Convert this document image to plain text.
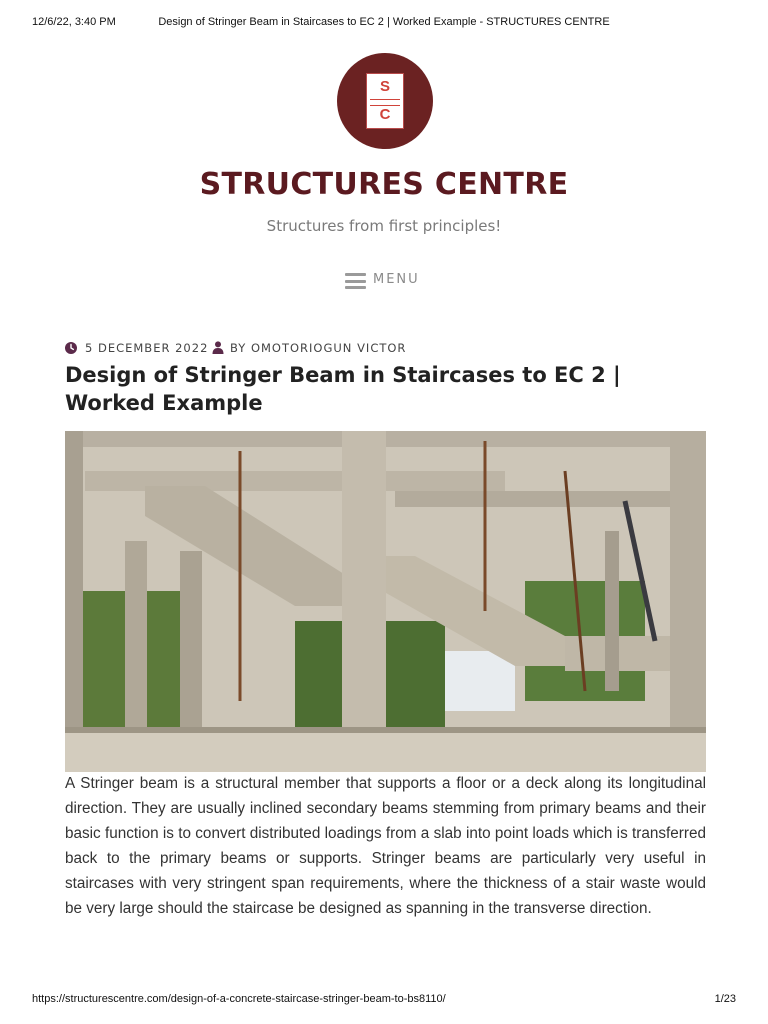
12/6/22, 3:40 PM	Design of Stringer Beam in Staircases to EC 2 | Worked Example - STRUCTURES CENTRE
S
C
STRUCTURES CENTRE
Structures from first principles!
MENU
5 DECEMBER 2022 BY OMOTORIOGUN VICTOR
Design of Stringer Beam in Staircases to EC 2 | Worked Example

A Stringer beam is a structural member that supports a floor or a deck along its longitudinal direction. They are usually inclined secondary beams stemming from primary beams and their basic function is to convert distributed loadings from a slab into point loads which is transferred back to the primary beams or supports. Stringer beams are particularly very useful in staircases with very stringent span requirements, where the thickness of a stair waste would be very large should the staircase be designed as spanning in the transverse direction.

https://structurescentre.com/design-of-a-concrete-staircase-stringer-beam-to-bs8110/	1/23
